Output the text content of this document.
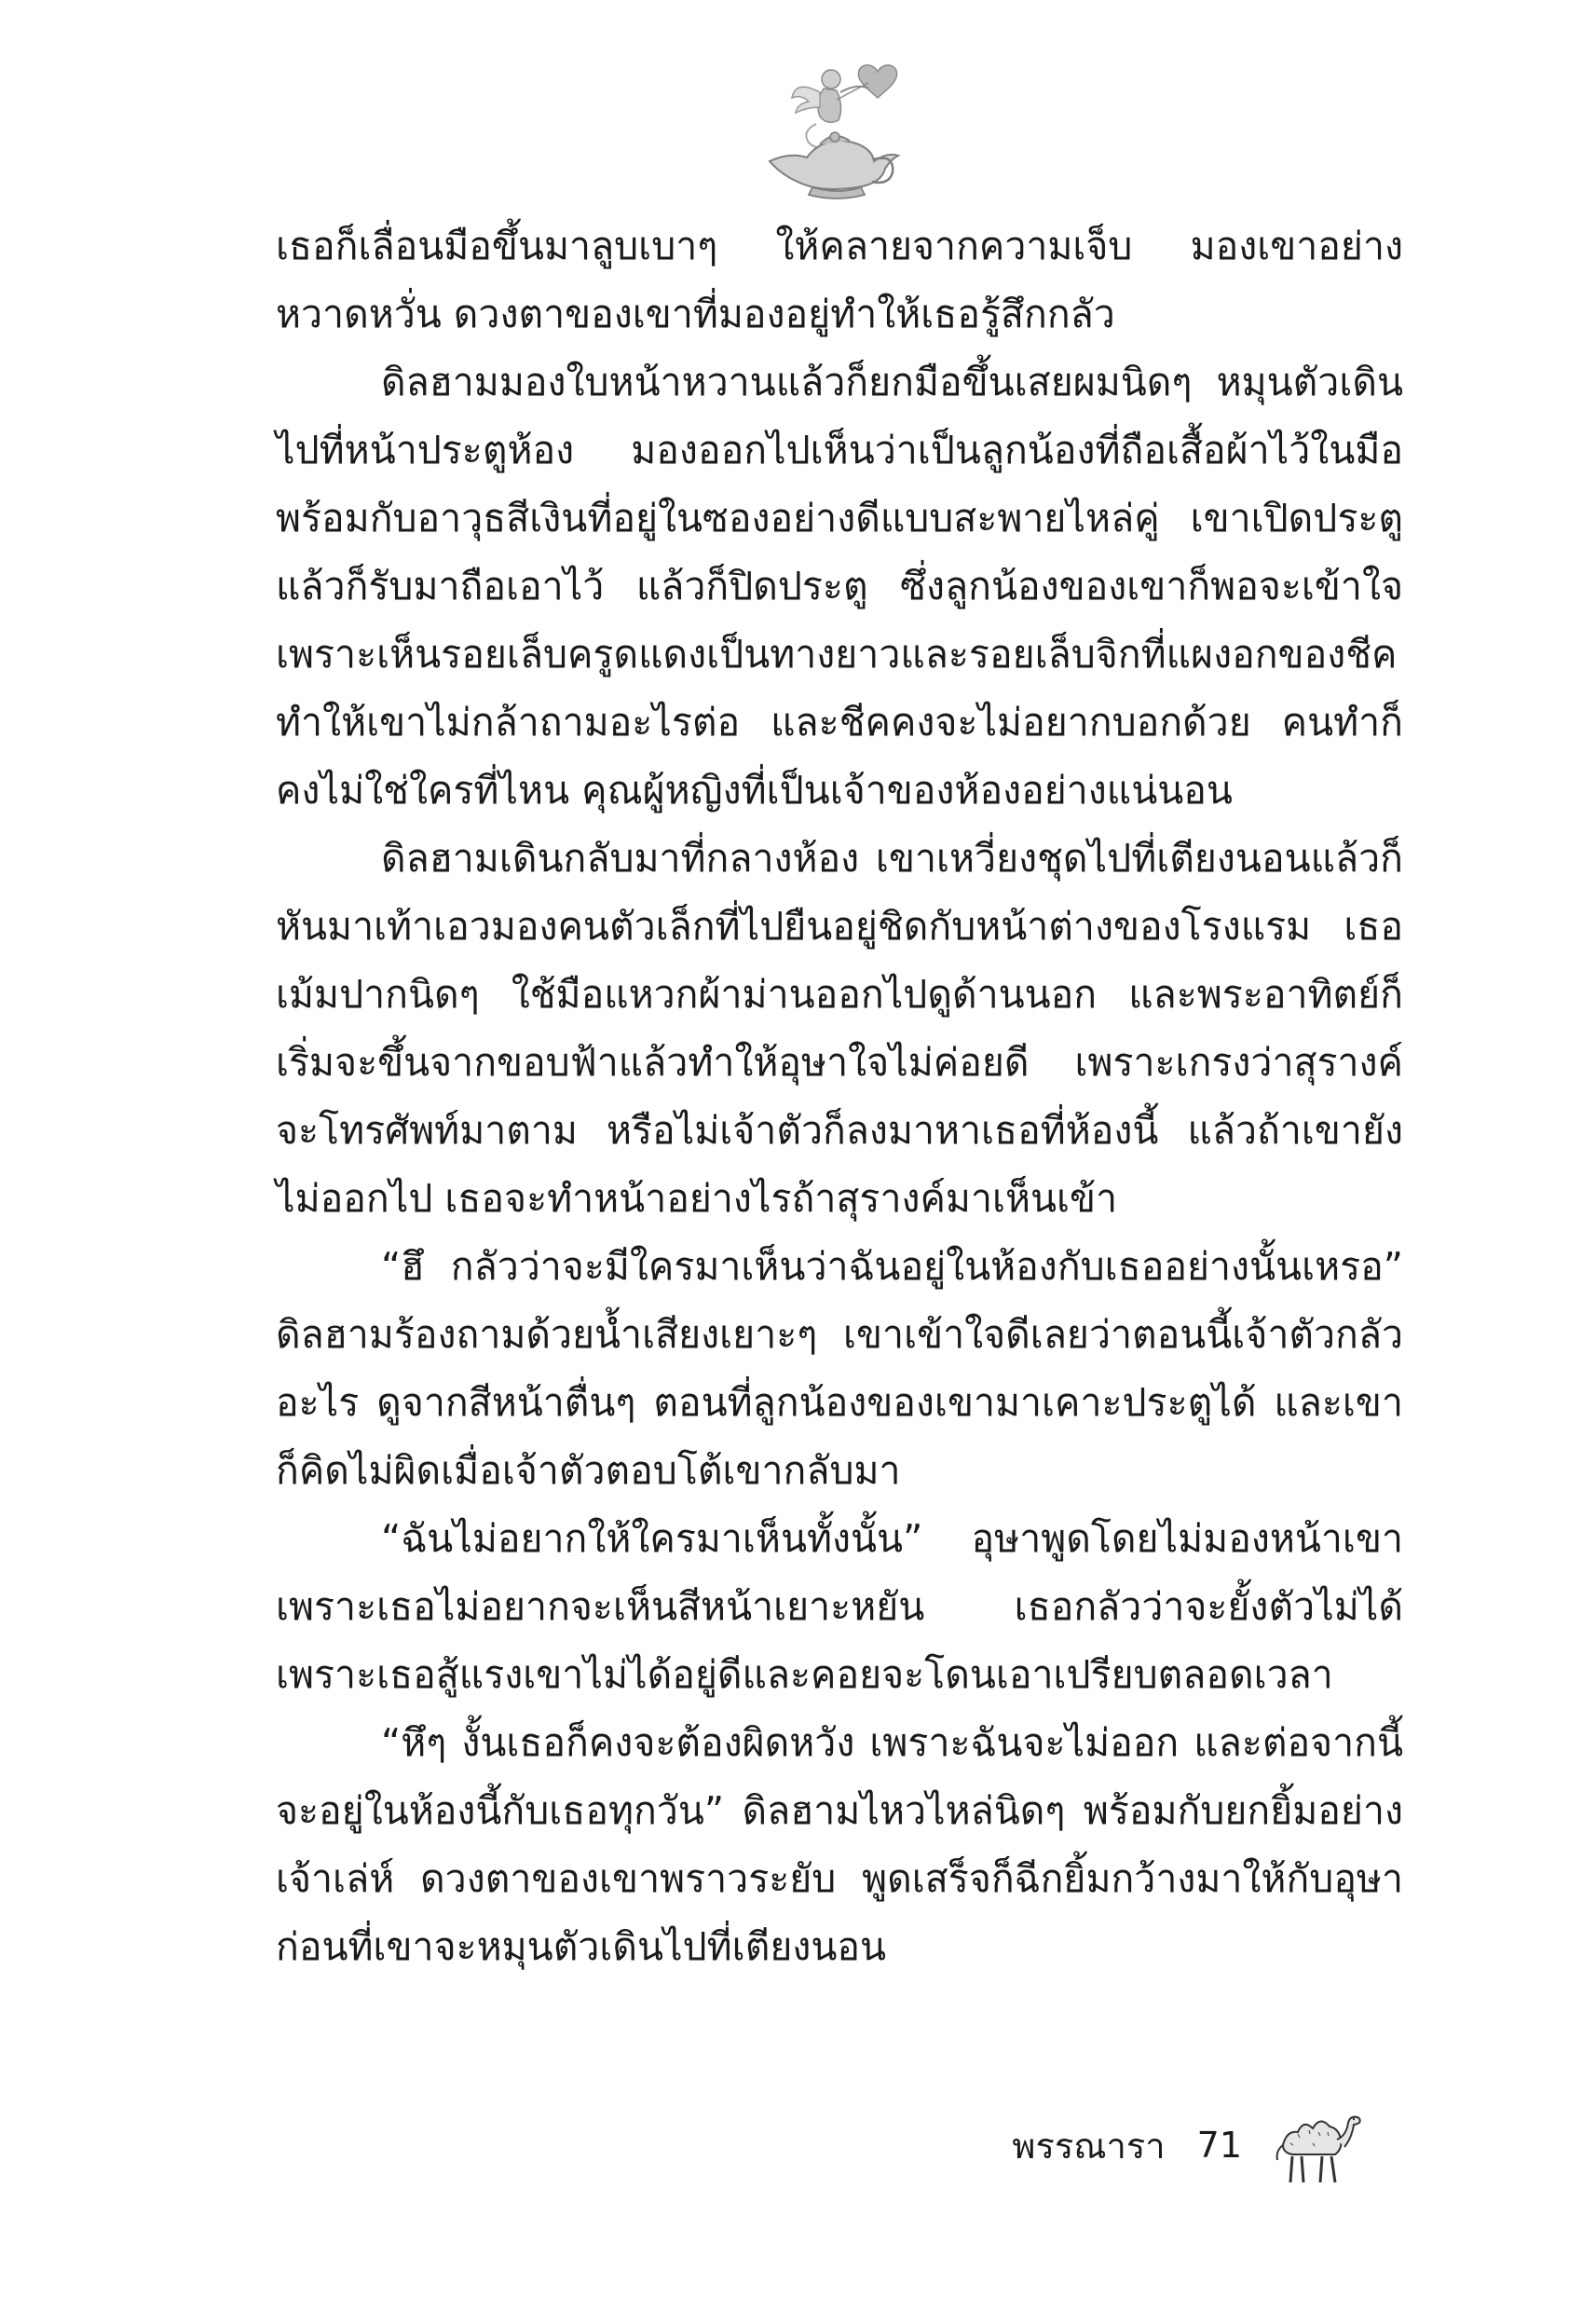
เธอก็เลื่อนมือขึ้นมาลูบเบาๆ ให้คลายจากความเจ็บ มองเขาอย่างหวาดหวั่น ดวงตาของเขาที่มองอยู่ทำให้เธอรู้สึกกลัว

ดิลฮามมองใบหน้าหวานแล้วก็ยกมือขึ้นเสยผมนิดๆ หมุนตัวเดินไปที่หน้าประตูห้อง มองออกไปเห็นว่าเป็นลูกน้องที่ถือเสื้อผ้าไว้ในมือ พร้อมกับอาวุธสีเงินที่อยู่ในซองอย่างดีแบบสะพายไหล่คู่ เขาเปิดประตูแล้วก็รับมาถือเอาไว้ แล้วก็ปิดประตู ซึ่งลูกน้องของเขาก็พอจะเข้าใจเพราะเห็นรอยเล็บครูดแดงเป็นทางยาวและรอยเล็บจิกที่แผงอกของชีค ทำให้เขาไม่กล้าถามอะไรต่อ และชีคคงจะไม่อยากบอกด้วย คนทำก็คงไม่ใช่ใครที่ไหน คุณผู้หญิงที่เป็นเจ้าของห้องอย่างแน่นอน

ดิลฮามเดินกลับมาที่กลางห้อง เขาเหวี่ยงชุดไปที่เตียงนอนแล้วก็หันมาเท้าเอวมองคนตัวเล็กที่ไปยืนอยู่ชิดกับหน้าต่างของโรงแรม เธอเม้มปากนิดๆ ใช้มือแหวกผ้าม่านออกไปดูด้านนอก และพระอาทิตย์ก็เริ่มจะขึ้นจากขอบฟ้าแล้วทำให้อุษาใจไม่ค่อยดี เพราะเกรงว่าสุรางค์จะโทรศัพท์มาตาม หรือไม่เจ้าตัวก็ลงมาหาเธอที่ห้องนี้ แล้วถ้าเขายังไม่ออกไป เธอจะทำหน้าอย่างไรถ้าสุรางค์มาเห็นเข้า

“ฮึ กลัวว่าจะมีใครมาเห็นว่าฉันอยู่ในห้องกับเธออย่างนั้นเหรอ” ดิลฮามร้องถามด้วยน้ำเสียงเยาะๆ เขาเข้าใจดีเลยว่าตอนนี้เจ้าตัวกลัวอะไร ดูจากสีหน้าตื่นๆ ตอนที่ลูกน้องของเขามาเคาะประตูได้ และเขาก็คิดไม่ผิดเมื่อเจ้าตัวตอบโต้เขากลับมา

“ฉันไม่อยากให้ใครมาเห็นทั้งนั้น” อุษาพูดโดยไม่มองหน้าเขาเพราะเธอไม่อยากจะเห็นสีหน้าเยาะหยัน เธอกลัวว่าจะยั้งตัวไม่ได้เพราะเธอสู้แรงเขาไม่ได้อยู่ดีและคอยจะโดนเอาเปรียบตลอดเวลา

“หึๆ งั้นเธอก็คงจะต้องผิดหวัง เพราะฉันจะไม่ออก และต่อจากนี้จะอยู่ในห้องนี้กับเธอทุกวัน” ดิลฮามไหวไหล่นิดๆ พร้อมกับยกยิ้มอย่างเจ้าเล่ห์ ดวงตาของเขาพราวระยับ พูดเสร็จก็ฉีกยิ้มกว้างมาให้กับอุษาก่อนที่เขาจะหมุนตัวเดินไปที่เตียงนอน

พรรณารา 71
